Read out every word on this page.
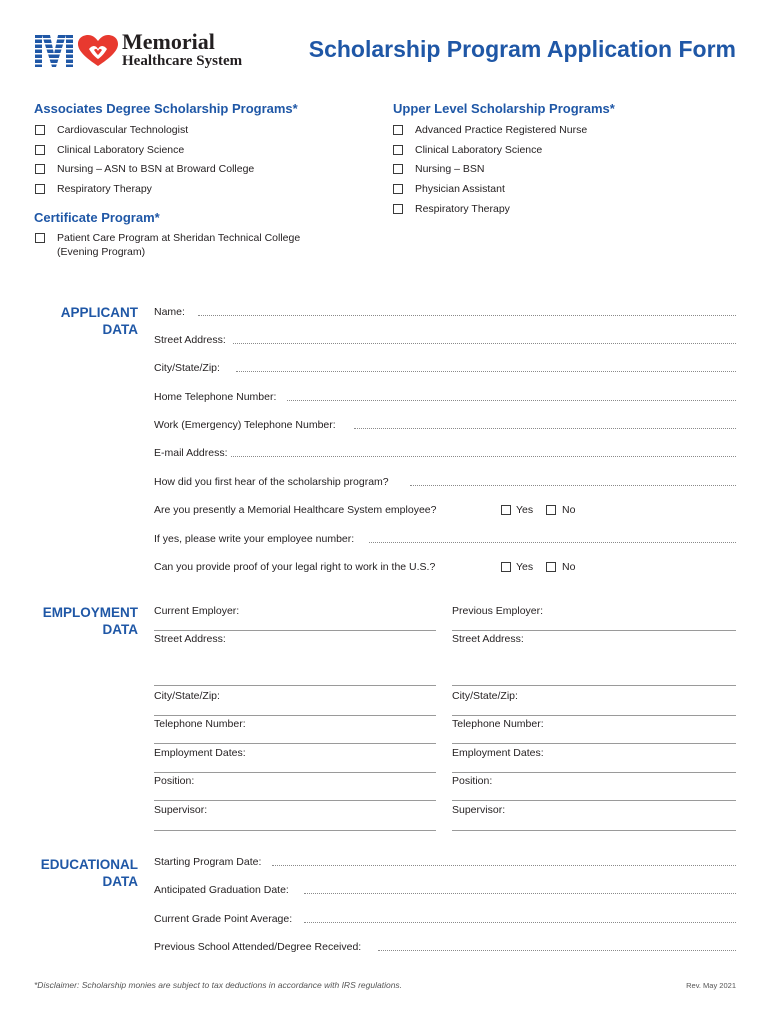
Memorial
Healthcare System	Scholarship Program Application Form
Associates Degree Scholarship Programs*
Cardiovascular Technologist
Clinical Laboratory Science
Nursing – ASN to BSN at Broward College
Respiratory Therapy
Upper Level Scholarship Programs*
Advanced Practice Registered Nurse
Clinical Laboratory Science
Nursing – BSN
Physician Assistant
Respiratory Therapy
Certificate Program*
Patient Care Program at Sheridan Technical College
(Evening Program)
APPLICANT
DATA
Name:
Street Address:
City/State/Zip:
Home Telephone Number:
Work (Emergency) Telephone Number:
E-mail Address:
How did you first hear of the scholarship program?
Are you presently a Memorial Healthcare System employee?	Yes	No
If yes, please write your employee number:
Can you provide proof of your legal right to work in the U.S.?	Yes	No
EMPLOYMENT
DATA
Current Employer:
Street Address:
City/State/Zip:
Telephone Number:
Employment Dates:
Position:
Supervisor:
Previous Employer:
Street Address:
City/State/Zip:
Telephone Number:
Employment Dates:
Position:
Supervisor:
EDUCATIONAL
DATA
Starting Program Date:
Anticipated Graduation Date:
Current Grade Point Average:
Previous School Attended/Degree Received:
*Disclaimer: Scholarship monies are subject to tax deductions in accordance with IRS regulations.	Rev. May 2021
